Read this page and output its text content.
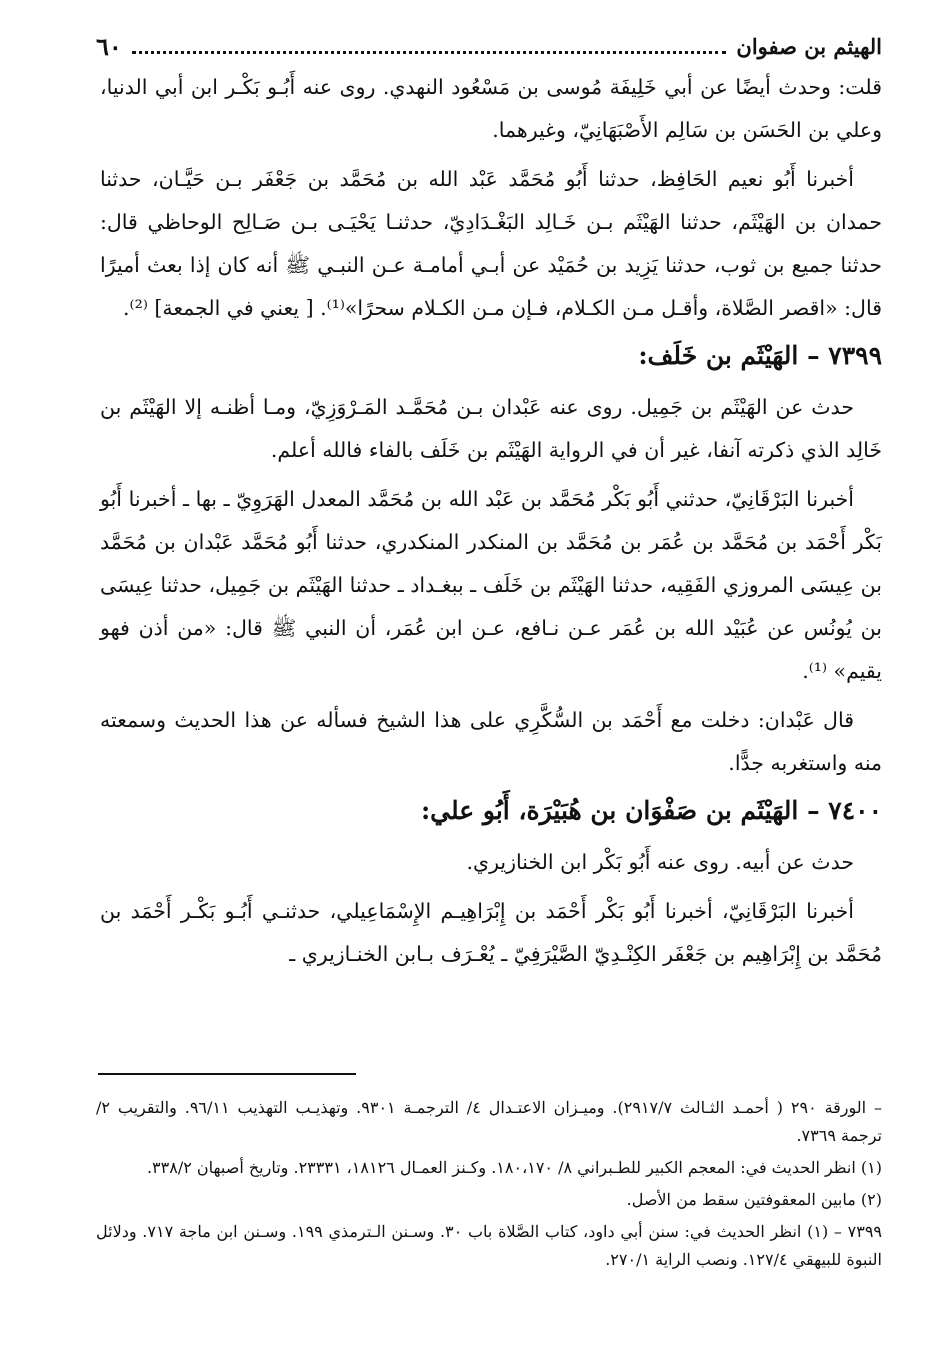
الهيثم بن صفوان
٦٠

قلت: وحدث أيضًا عن أبي خَلِيفَة مُوسى بن مَسْعُود النهدي. روى عنه أَبُـو بَكْـر ابن أبي الدنيا، وعلي بن الحَسَن بن سَالِم الأَصْبَهَانِيّ، وغيرهما.

أخبرنا أَبُو نعيم الحَافِظ، حدثنا أَبُو مُحَمَّد عَبْد الله بن مُحَمَّد بن جَعْفَر بـن حَيَّـان، حدثنا حمدان بن الهَيْثَم، حدثنا الهَيْثَم بـن خَـالِد البَغْـدَادِيّ، حدثنـا يَحْيَـى بـن صَـالِح الوحاظي قال: حدثنا جميع بن ثوب، حدثنا يَزِيد بن حُمَيْد عن أبـي أمامـة عـن النبـي ﷺ أنه كان إذا بعث أميرًا قال: «اقصر الصَّلاة، وأقـل مـن الكـلام، فـإن مـن الكـلام سحرًا»⁽¹⁾. [ يعني في الجمعة] ⁽²⁾.

٧٣٩٩ – الهَيْثَم بن خَلَف:

حدث عن الهَيْثَم بن جَمِيل. روى عنه عَبْدان بـن مُحَمَّـد المَـرْوَزِيّ، ومـا أظنـه إلا الهَيْثَم بن خَالِد الذي ذكرته آنفا، غير أن في الرواية الهَيْثَم بن خَلَف بالفاء فالله أعلم.

أخبرنا البَرْقَانِيّ، حدثني أَبُو بَكْر مُحَمَّد بن عَبْد الله بن مُحَمَّد المعدل الهَرَوِيّ ـ بها ـ أخبرنا أَبُو بَكْر أَحْمَد بن مُحَمَّد بن عُمَر بن مُحَمَّد بن المنكدر المنكدري، حدثنا أَبُو مُحَمَّد عَبْدان بن مُحَمَّد بن عِيسَى المروزي الفَقِيه، حدثنا الهَيْثَم بن خَلَف ـ ببغـداد ـ حدثنا الهَيْثَم بن جَمِيل، حدثنا عِيسَى بن يُونُس عن عُبَيْد الله بن عُمَر عـن نـافع، عـن ابن عُمَر، أن النبي ﷺ قال: «من أذن فهو يقيم» ⁽¹⁾.

قال عَبْدان: دخلت مع أَحْمَد بن السُّكَّرِي على هذا الشيخ فسأله عن هذا الحديث وسمعته منه واستغربه جدًّا.

٧٤٠٠ – الهَيْثَم بن صَفْوَان بن هُبَيْرَة، أَبُو علي:

حدث عن أبيه. روى عنه أَبُو بَكْر ابن الخنازيري.

أخبرنا البَرْقَانِيّ، أخبرنا أَبُو بَكْر أَحْمَد بن إِبْرَاهِيـم الإِسْمَاعِيلي، حدثنـي أَبُـو بَكْـر أَحْمَد بن مُحَمَّد بن إِبْرَاهِيم بن جَعْفَر الكِنْـدِيّ الصَّيْرَفِيّ ـ يُعْـرَف بـابن الخنـازيري ـ

– الورقة ٢٩٠ ( أحمـد الثـالث ٢٩١٧/٧). وميـزان الاعتـدال ٤/ الترجمـة ٩٣٠١. وتهذيـب التهذيب ٩٦/١١. والتقريب ٢/ ترجمة ٧٣٦٩.

(١) انظر الحديث في: المعجم الكبير للطـبراني ٨/ ١٨٠،١٧٠. وكـنز العمـال ١٨١٢٦، ٢٣٣٣١. وتاريخ أصبهان ٣٣٨/٢.

(٢) مابين المعقوفتين سقط من الأصل.

٧٣٩٩ – (١) انظر الحديث في: سنن أبي داود، كتاب الصَّلاة باب ٣٠. وسـنن الـترمذي ١٩٩. وسـنن ابن ماجة ٧١٧. ودلائل النبوة للبيهقي ١٢٧/٤. ونصب الراية ٢٧٠/١.
